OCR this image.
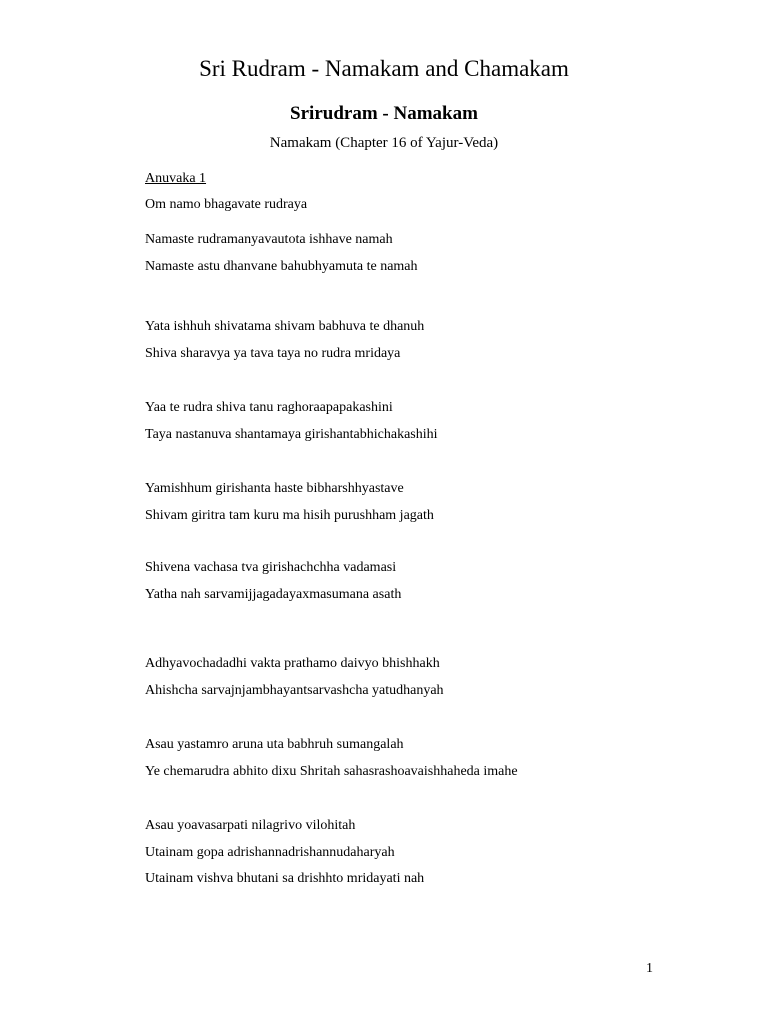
Sri Rudram - Namakam and Chamakam
Srirudram - Namakam
Namakam (Chapter 16 of Yajur-Veda)
Anuvaka 1
Om namo bhagavate rudraya
Namaste rudramanyavautota ishhave namah
Namaste astu dhanvane bahubhyamuta te namah
Yata ishhuh shivatama shivam babhuva te dhanuh
Shiva sharavya ya tava taya no rudra mridaya
Yaa te rudra shiva tanu raghoraapapakashini
Taya nastanuva shantamaya girishantabhichakashihi
Yamishhum girishanta haste bibharshhyastave
Shivam giritra tam kuru ma hisih purushham jagath
Shivena vachasa tva girishachchha vadamasi
Yatha nah sarvamijjagadayaxmasumana asath
Adhyavochadadhi vakta prathamo daivyo bhishhakh
Ahishcha sarvajnjambhayantsarvashcha yatudhanyah
Asau yastamro aruna uta babhruh sumangalah
Ye chemarudra abhito dixu Shritah sahasrashoavaishhaheda imahe
Asau yoavasarpati nilagrivo vilohitah
Utainam gopa adrishannadrishannudaharyah
Utainam vishva bhutani sa drishhto mridayati nah
1
